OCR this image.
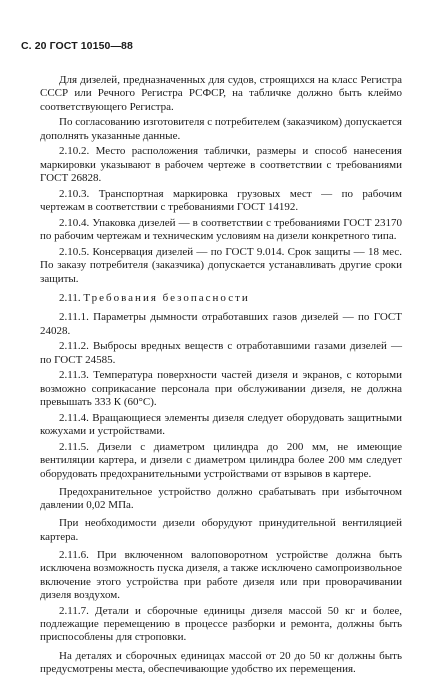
С. 20 ГОСТ 10150—88

Для дизелей, предназначенных для судов, строящихся на класс Регистра СССР или Речного Регистра РСФСР, на табличке должно быть клеймо соответствующего Регистра.

По согласованию изготовителя с потребителем (заказчиком) допускается дополнять указанные данные.

2.10.2. Место расположения таблички, размеры и способ нанесения маркировки указывают в рабочем чертеже в соответствии с требованиями ГОСТ 26828.

2.10.3. Транспортная маркировка грузовых мест — по рабочим чертежам в соответствии с требованиями ГОСТ 14192.

2.10.4. Упаковка дизелей — в соответствии с требованиями ГОСТ 23170 по рабочим чертежам и техническим условиям на дизели конкретного типа.

2.10.5. Консервация дизелей — по ГОСТ 9.014. Срок защиты — 18 мес. По заказу потребителя (заказчика) допускается устанавливать другие сроки защиты.

2.11. Требования безопасности

2.11.1. Параметры дымности отработавших газов дизелей — по ГОСТ 24028.

2.11.2. Выбросы вредных веществ с отработавшими газами дизелей — по ГОСТ 24585.

2.11.3. Температура поверхности частей дизеля и экранов, с которыми возможно соприкасание персонала при обслуживании дизеля, не должна превышать 333 К (60°С).

2.11.4. Вращающиеся элементы дизеля следует оборудовать защитными кожухами и устройствами.

2.11.5. Дизели с диаметром цилиндра до 200 мм, не имеющие вентиляции картера, и дизели с диаметром цилиндра более 200 мм следует оборудовать предохранительными устройствами от взрывов в картере.

Предохранительное устройство должно срабатывать при избыточном давлении 0,02 МПа.

При необходимости дизели оборудуют принудительной вентиляцией картера.

2.11.6. При включенном валоповоротном устройстве должна быть исключена возможность пуска дизеля, а также исключено самопроизвольное включение этого устройства при работе дизеля или при проворачивании дизеля воздухом.

2.11.7. Детали и сборочные единицы дизеля массой 50 кг и более, подлежащие перемещению в процессе разборки и ремонта, должны быть приспособлены для строповки.

На деталях и сборочных единицах массой от 20 до 50 кг должны быть предусмотрены места, обеспечивающие удобство их перемещения.
